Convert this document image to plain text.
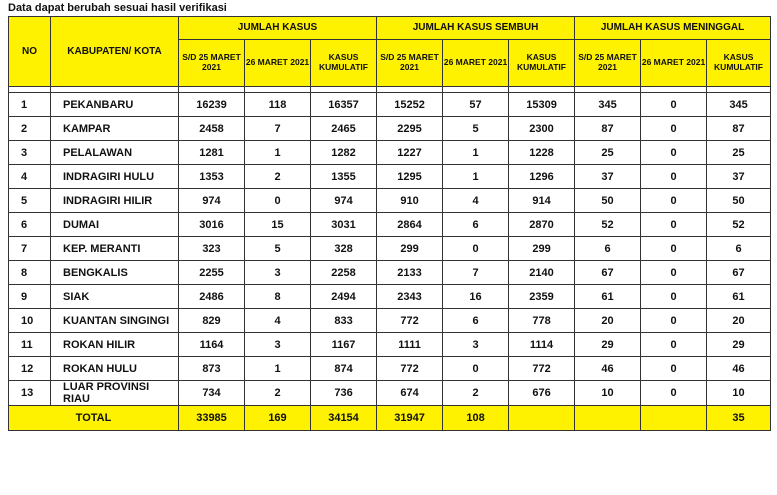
Data dapat berubah sesuai hasil verifikasi
NO	KABUPATEN/ KOTA	JUMLAH KASUS			JUMLAH KASUS SEMBUH			JUMLAH KASUS MENINGGAL		
		S/D 25 MARET 2021	26 MARET 2021	KASUS KUMULATIF	S/D 25 MARET 2021	26 MARET 2021	KASUS KUMULATIF	S/D 25 MARET 2021	26 MARET 2021	KASUS KUMULATIF

1	PEKANBARU	16239	118	16357	15252	57	15309	345	0	345
2	KAMPAR	2458	7	2465	2295	5	2300	87	0	87
3	PELALAWAN	1281	1	1282	1227	1	1228	25	0	25
4	INDRAGIRI HULU	1353	2	1355	1295	1	1296	37	0	37
5	INDRAGIRI HILIR	974	0	974	910	4	914	50	0	50
6	DUMAI	3016	15	3031	2864	6	2870	52	0	52
7	KEP. MERANTI	323	5	328	299	0	299	6	0	6
8	BENGKALIS	2255	3	2258	2133	7	2140	67	0	67
9	SIAK	2486	8	2494	2343	16	2359	61	0	61
10	KUANTAN SINGINGI	829	4	833	772	6	778	20	0	20
11	ROKAN HILIR	1164	3	1167	1111	3	1114	29	0	29
12	ROKAN HULU	873	1	874	772	0	772	46	0	46
13	LUAR PROVINSI RIAU	734	2	736	674	2	676	10	0	10
TOTAL		33985	169	34154	31947	108				35
bermadah.co.id
